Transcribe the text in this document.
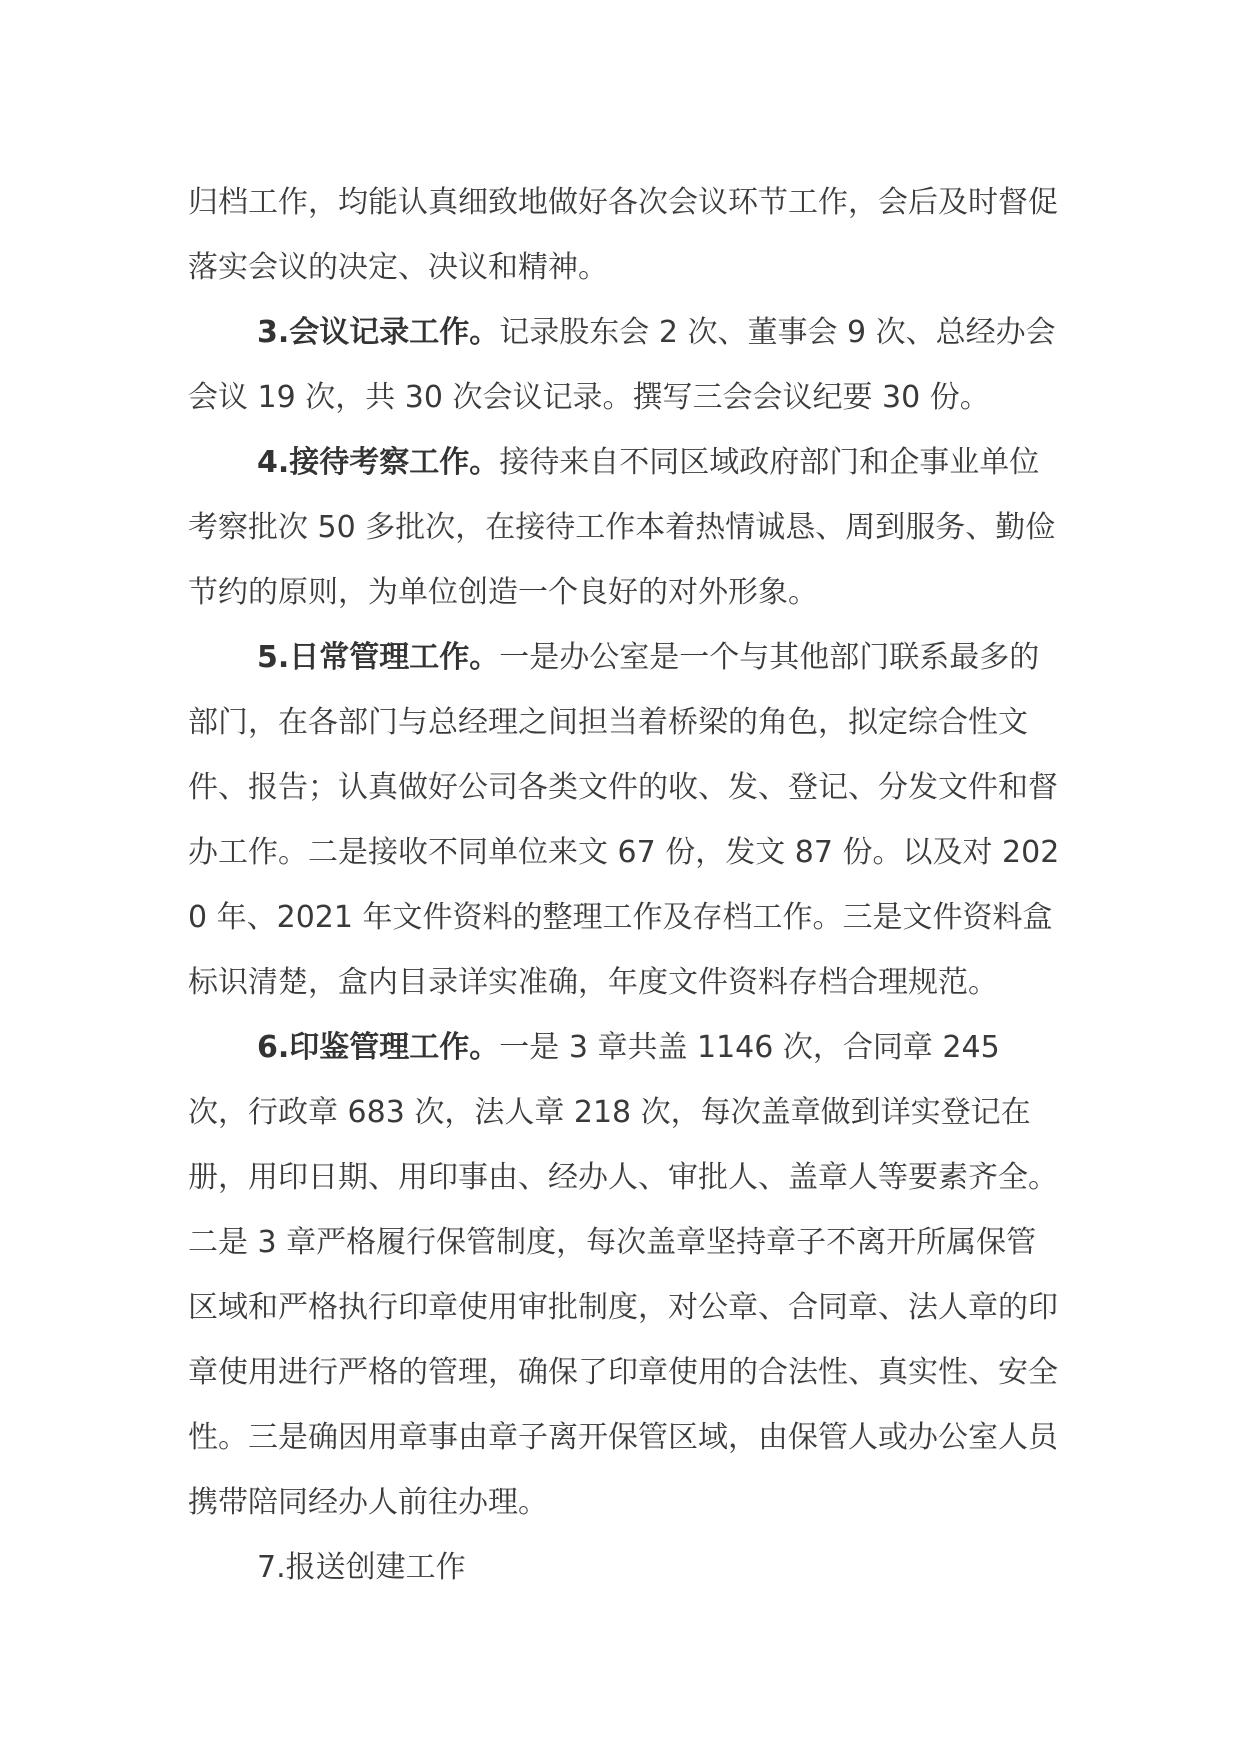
归档工作，均能认真细致地做好各次会议环节工作，会后及时督促落实会议的决定、决议和精神。

3.会议记录工作。记录股东会 2 次、董事会 9 次、总经办会会议 19 次，共 30 次会议记录。撰写三会会议纪要 30 份。

4.接待考察工作。接待来自不同区域政府部门和企事业单位考察批次 50 多批次，在接待工作本着热情诚恳、周到服务、勤俭节约的原则，为单位创造一个良好的对外形象。

5.日常管理工作。一是办公室是一个与其他部门联系最多的部门，在各部门与总经理之间担当着桥梁的角色，拟定综合性文件、报告；认真做好公司各类文件的收、发、登记、分发文件和督办工作。二是接收不同单位来文 67 份，发文 87 份。以及对 2020 年、2021 年文件资料的整理工作及存档工作。三是文件资料盒标识清楚，盒内目录详实准确，年度文件资料存档合理规范。

6.印鉴管理工作。一是 3 章共盖 1146 次，合同章 245 次，行政章 683 次，法人章 218 次，每次盖章做到详实登记在册，用印日期、用印事由、经办人、审批人、盖章人等要素齐全。二是 3 章严格履行保管制度，每次盖章坚持章子不离开所属保管区域和严格执行印章使用审批制度，对公章、合同章、法人章的印章使用进行严格的管理，确保了印章使用的合法性、真实性、安全性。三是确因用章事由章子离开保管区域，由保管人或办公室人员携带陪同经办人前往办理。

7.报送创建工作
